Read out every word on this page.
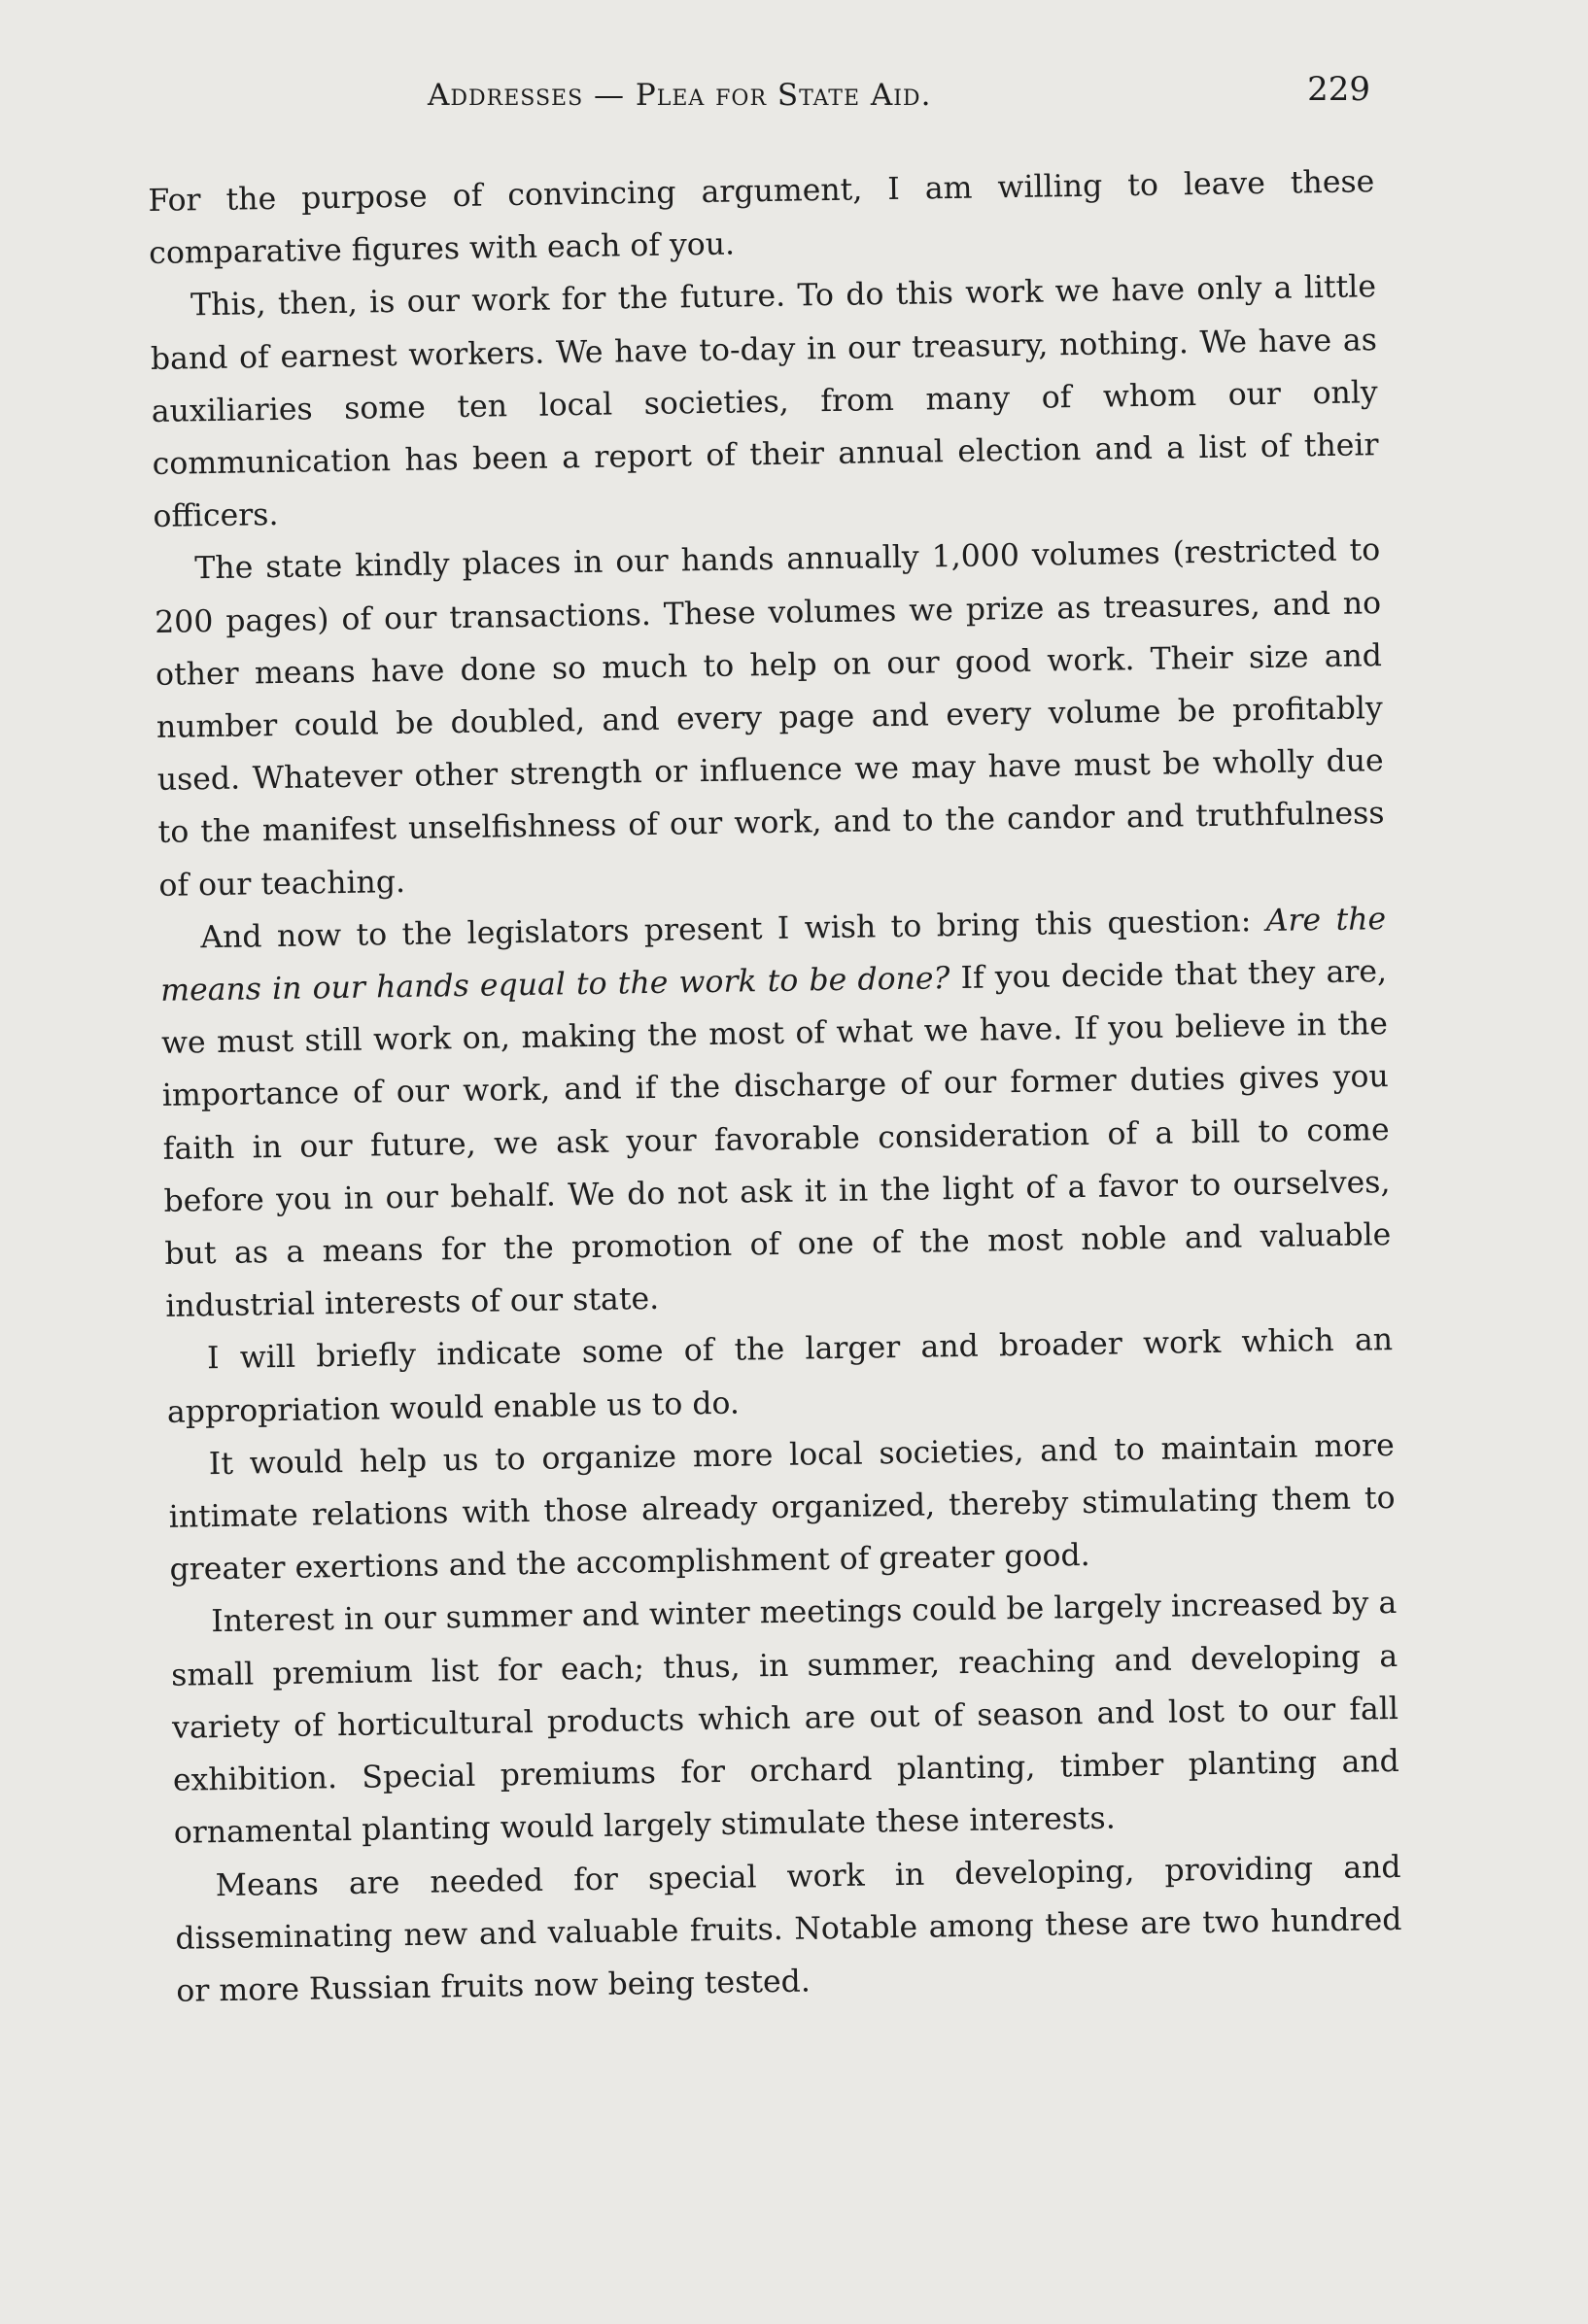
Addresses — Plea for State Aid.	229

For the purpose of convincing argument, I am willing to leave these comparative figures with each of you.

This, then, is our work for the future. To do this work we have only a little band of earnest workers. We have to-day in our treasury, nothing. We have as auxiliaries some ten local societies, from many of whom our only communication has been a report of their annual election and a list of their officers.

The state kindly places in our hands annually 1,000 volumes (restricted to 200 pages) of our transactions. These volumes we prize as treasures, and no other means have done so much to help on our good work. Their size and number could be doubled, and every page and every volume be profitably used. Whatever other strength or influence we may have must be wholly due to the manifest unselfishness of our work, and to the candor and truthfulness of our teaching.

And now to the legislators present I wish to bring this question: Are the means in our hands equal to the work to be done? If you decide that they are, we must still work on, making the most of what we have. If you believe in the importance of our work, and if the discharge of our former duties gives you faith in our future, we ask your favorable consideration of a bill to come before you in our behalf. We do not ask it in the light of a favor to ourselves, but as a means for the promotion of one of the most noble and valuable industrial interests of our state.

I will briefly indicate some of the larger and broader work which an appropriation would enable us to do.

It would help us to organize more local societies, and to maintain more intimate relations with those already organized, thereby stimulating them to greater exertions and the accomplishment of greater good.

Interest in our summer and winter meetings could be largely increased by a small premium list for each; thus, in summer, reaching and developing a variety of horticultural products which are out of season and lost to our fall exhibition. Special premiums for orchard planting, timber planting and ornamental planting would largely stimulate these interests.

Means are needed for special work in developing, providing and disseminating new and valuable fruits. Notable among these are two hundred or more Russian fruits now being tested.
